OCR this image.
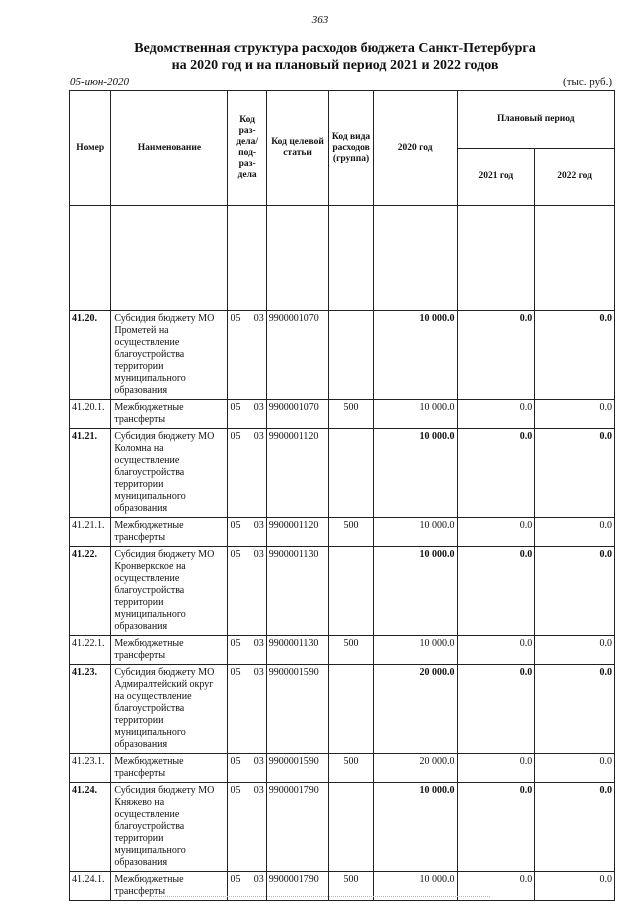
363
Ведомственная структура расходов бюджета Санкт-Петербурга
на 2020 год и на плановый период 2021 и 2022 годов
05-июн-2020	(тыс. руб.)
Номер	Наименование	Код раз- дела/ под- раз- дела	Код целевой статьи	Код вида расходов (группа)	2020 год	Плановый период	
						2021 год	2022 год

41.20.	Субсидия бюджету МО Прометей на осуществление благоустройства территории муниципального образования	05 03	9900001070		10 000.0	0.0	0.0
41.20.1.	Межбюджетные трансферты	05 03	9900001070	500	10 000.0	0.0	0.0
41.21.	Субсидия бюджету МО Коломна на осуществление благоустройства территории муниципального образования	05 03	9900001120		10 000.0	0.0	0.0
41.21.1.	Межбюджетные трансферты	05 03	9900001120	500	10 000.0	0.0	0.0
41.22.	Субсидия бюджету МО Кронверкское на осуществление благоустройства территории муниципального образования	05 03	9900001130		10 000.0	0.0	0.0
41.22.1.	Межбюджетные трансферты	05 03	9900001130	500	10 000.0	0.0	0.0
41.23.	Субсидия бюджету МО Адмиралтейский округ на осуществление благоустройства территории муниципального образования	05 03	9900001590		20 000.0	0.0	0.0
41.23.1.	Межбюджетные трансферты	05 03	9900001590	500	20 000.0	0.0	0.0
41.24.	Субсидия бюджету МО Княжево на осуществление благоустройства территории муниципального образования	05 03	9900001790		10 000.0	0.0	0.0
41.24.1.	Межбюджетные трансферты	05 03	9900001790	500	10 000.0	0.0	0.0
